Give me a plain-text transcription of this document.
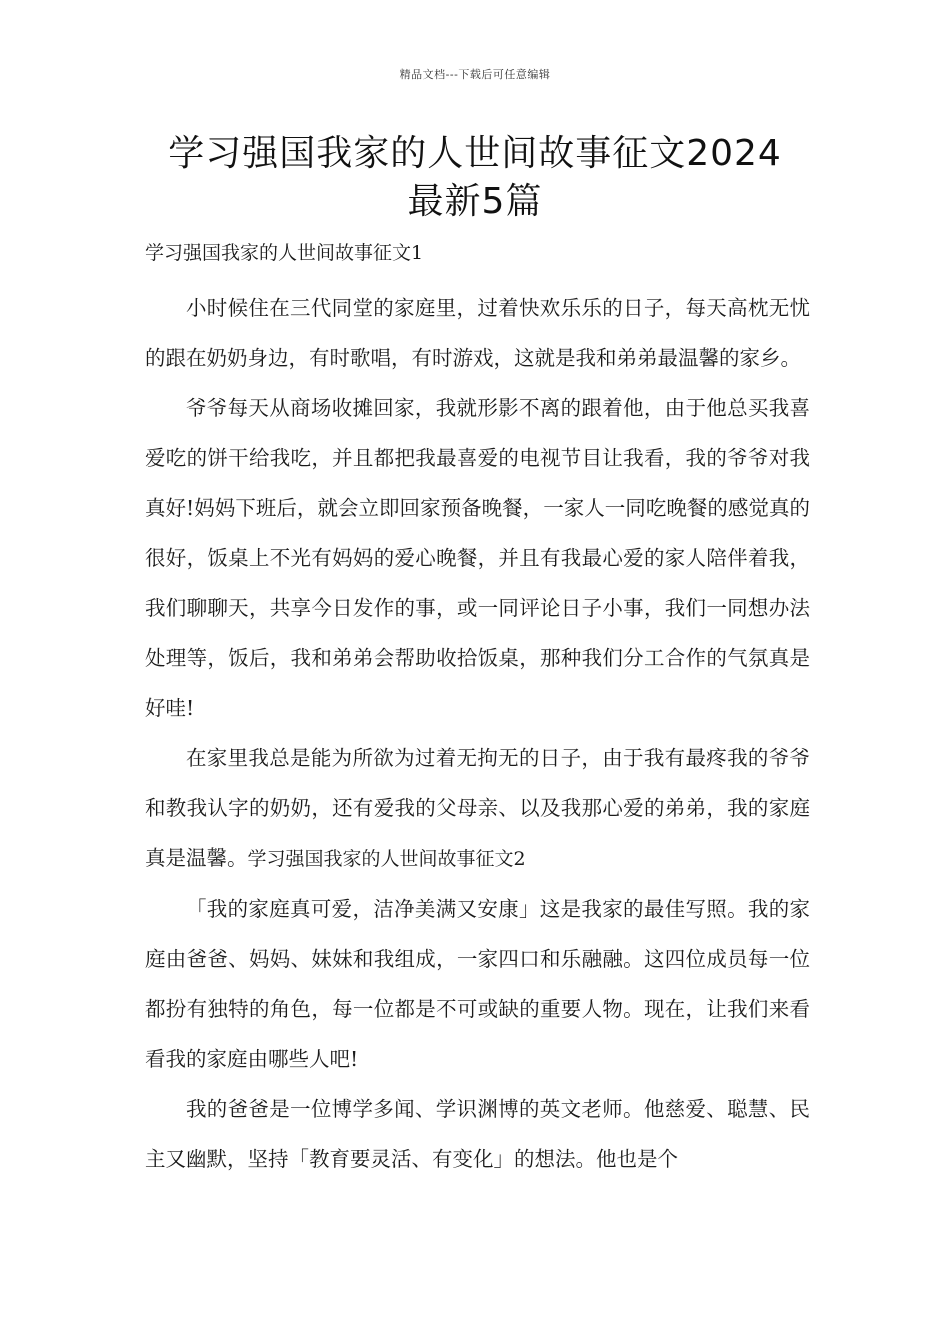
精品文档---下载后可任意编辑
学习强国我家的人世间故事征文2024
最新5篇
学习强国我家的人世间故事征文1

小时候住在三代同堂的家庭里，过着快欢乐乐的日子，每天高枕无忧的跟在奶奶身边，有时歌唱，有时游戏，这就是我和弟弟最温馨的家乡。

爷爷每天从商场收摊回家，我就形影不离的跟着他，由于他总买我喜爱吃的饼干给我吃，并且都把我最喜爱的电视节目让我看，我的爷爷对我真好!妈妈下班后，就会立即回家预备晚餐，一家人一同吃晚餐的感觉真的很好，饭桌上不光有妈妈的爱心晚餐，并且有我最心爱的家人陪伴着我，我们聊聊天，共享今日发作的事，或一同评论日子小事，我们一同想办法处理等，饭后，我和弟弟会帮助收拾饭桌，那种我们分工合作的气氛真是好哇!

在家里我总是能为所欲为过着无拘无的日子，由于我有最疼我的爷爷和教我认字的奶奶，还有爱我的父母亲、以及我那心爱的弟弟，我的家庭真是温馨。学习强国我家的人世间故事征文2

「我的家庭真可爱，洁净美满又安康」这是我家的最佳写照。我的家庭由爸爸、妈妈、妹妹和我组成，一家四口和乐融融。这四位成员每一位都扮有独特的角色，每一位都是不可或缺的重要人物。现在，让我们来看看我的家庭由哪些人吧!

我的爸爸是一位博学多闻、学识渊博的英文老师。他慈爱、聪慧、民主又幽默，坚持「教育要灵活、有变化」的想法。他也是个
